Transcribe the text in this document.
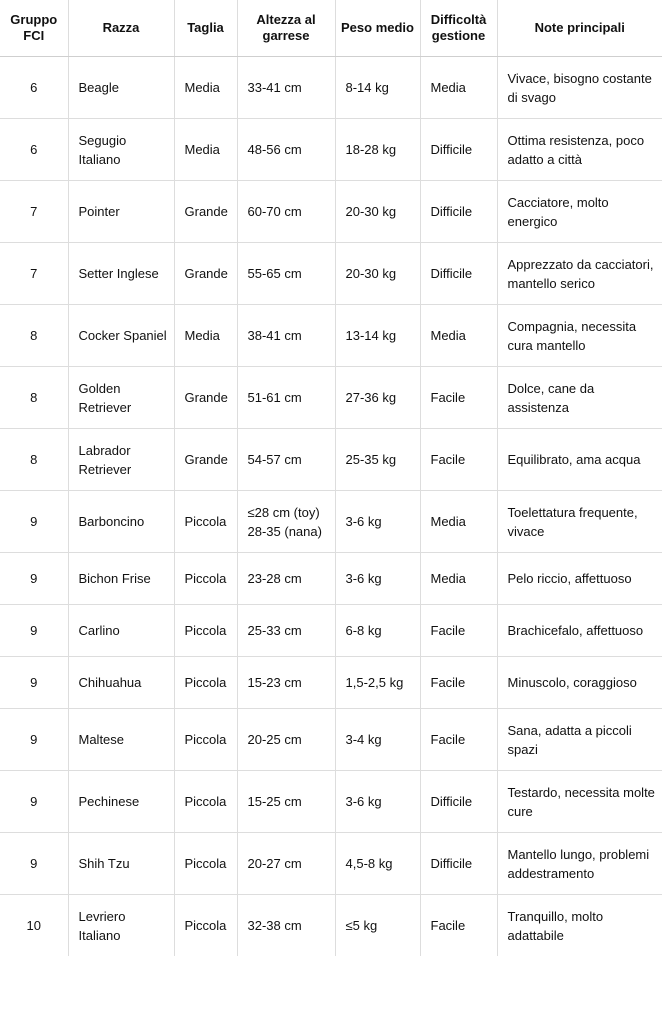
Gruppo FCI	Razza	Taglia	Altezza al garrese	Peso medio	Difficoltà gestione	Note principali

6	Beagle	Media	33-41 cm	8-14 kg	Media	Vivace, bisogno costante di svago

6	Segugio Italiano	Media	48-56 cm	18-28 kg	Difficile	Ottima resistenza, poco adatto a città

7	Pointer	Grande	60-70 cm	20-30 kg	Difficile	Cacciatore, molto energico

7	Setter Inglese	Grande	55-65 cm	20-30 kg	Difficile	Apprezzato da cacciatori, mantello serico

8	Cocker Spaniel	Media	38-41 cm	13-14 kg	Media	Compagnia, necessita cura mantello

8	Golden Retriever	Grande	51-61 cm	27-36 kg	Facile	Dolce, cane da assistenza

8	Labrador Retriever	Grande	54-57 cm	25-35 kg	Facile	Equilibrato, ama acqua

9	Barboncino	Piccola	≤28 cm (toy) 28-35 (nana)	3-6 kg	Media	Toelettatura frequente, vivace

9	Bichon Frise	Piccola	23-28 cm	3-6 kg	Media	Pelo riccio, affettuoso

9	Carlino	Piccola	25-33 cm	6-8 kg	Facile	Brachicefalo, affettuoso

9	Chihuahua	Piccola	15-23 cm	1,5-2,5 kg	Facile	Minuscolo, coraggioso

9	Maltese	Piccola	20-25 cm	3-4 kg	Facile	Sana, adatta a piccoli spazi

9	Pechinese	Piccola	15-25 cm	3-6 kg	Difficile	Testardo, necessita molte cure

9	Shih Tzu	Piccola	20-27 cm	4,5-8 kg	Difficile	Mantello lungo, problemi addestramento

10	Levriero Italiano	Piccola	32-38 cm	≤5 kg	Facile	Tranquillo, molto adattabile
